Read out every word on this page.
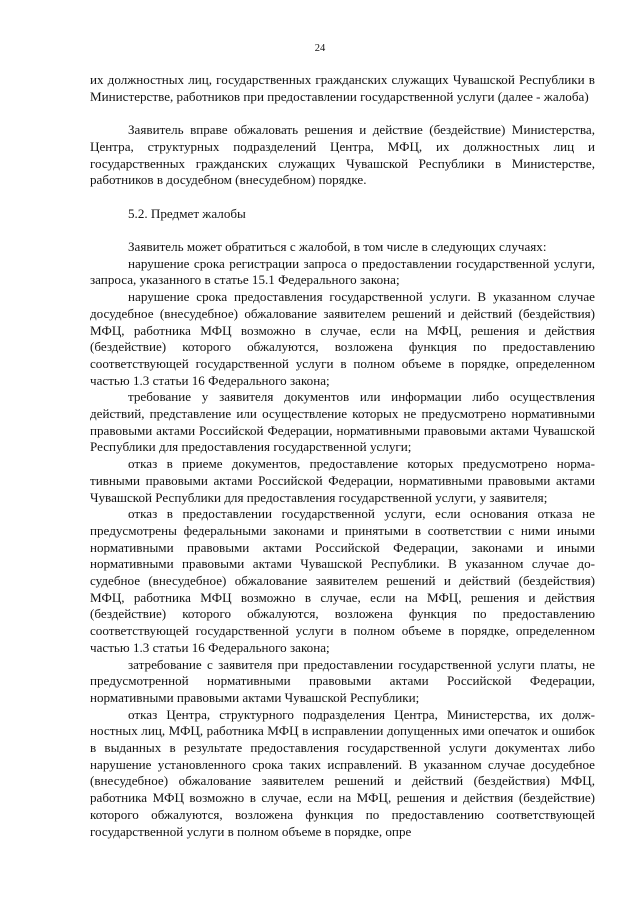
24

их должностных лиц, государственных гражданских служащих Чувашской Республики в Министерстве, работников при предоставлении государственной услуги (далее - жалоба)

Заявитель вправе обжаловать решения и действие (бездействие) Министерства, Центра, структурных подразделений Центра, МФЦ, их должностных лиц и государственных гражданских служащих Чувашской Республики в Министерстве, работников в досудебном (внесудебном) порядке.

5.2. Предмет жалобы

Заявитель может обратиться с жалобой, в том числе в следующих случаях:

нарушение срока регистрации запроса о предоставлении государственной услуги, запроса, указанного в статье 15.1 Федерального закона;

нарушение срока предоставления государственной услуги. В указанном случае досудебное (внесудебное) обжалование заявителем решений и действий (бездействия) МФЦ, работника МФЦ возможно в случае, если на МФЦ, решения и действия (бездействие) которого обжалуются, возложена функция по предоставлению соответствующей государственной услуги в полном объеме в порядке, определенном частью 1.3 статьи 16 Федерального закона;

требование у заявителя документов или информации либо осуществления действий, представление или осуществление которых не предусмотрено нормативными правовыми актами Российской Федерации, нормативными правовыми актами Чувашской Республики для предоставления государственной услуги;

отказ в приеме документов, предоставление которых предусмотрено нормативными правовыми актами Российской Федерации, нормативными правовыми актами Чувашской Республики для предоставления государственной услуги, у заявителя;

отказ в предоставлении государственной услуги, если основания отказа не предусмотрены федеральными законами и принятыми в соответствии с ними иными нормативными правовыми актами Российской Федерации, законами и иными нормативными правовыми актами Чувашской Республики. В указанном случае досудебное (внесудебное) обжалование заявителем решений и действий (бездействия) МФЦ, работника МФЦ возможно в случае, если на МФЦ, решения и действия (бездействие) которого обжалуются, возложена функция по предоставлению соответствующей государственной услуги в полном объеме в порядке, определенном частью 1.3 статьи 16 Федерального закона;

затребование с заявителя при предоставлении государственной услуги платы, не предусмотренной нормативными правовыми актами Российской Федерации, нормативными правовыми актами Чувашской Республики;

отказ Центра, структурного подразделения Центра, Министерства, их должностных лиц, МФЦ, работника МФЦ в исправлении допущенных ими опечаток и ошибок в выданных в результате предоставления государственной услуги документах либо нарушение установленного срока таких исправлений. В указанном случае досудебное (внесудебное) обжалование заявителем решений и действий (бездействия) МФЦ, работника МФЦ возможно в случае, если на МФЦ, решения и действия (бездействие) которого обжалуются, возложена функция по предоставлению соответствующей государственной услуги в полном объеме в порядке, опре
